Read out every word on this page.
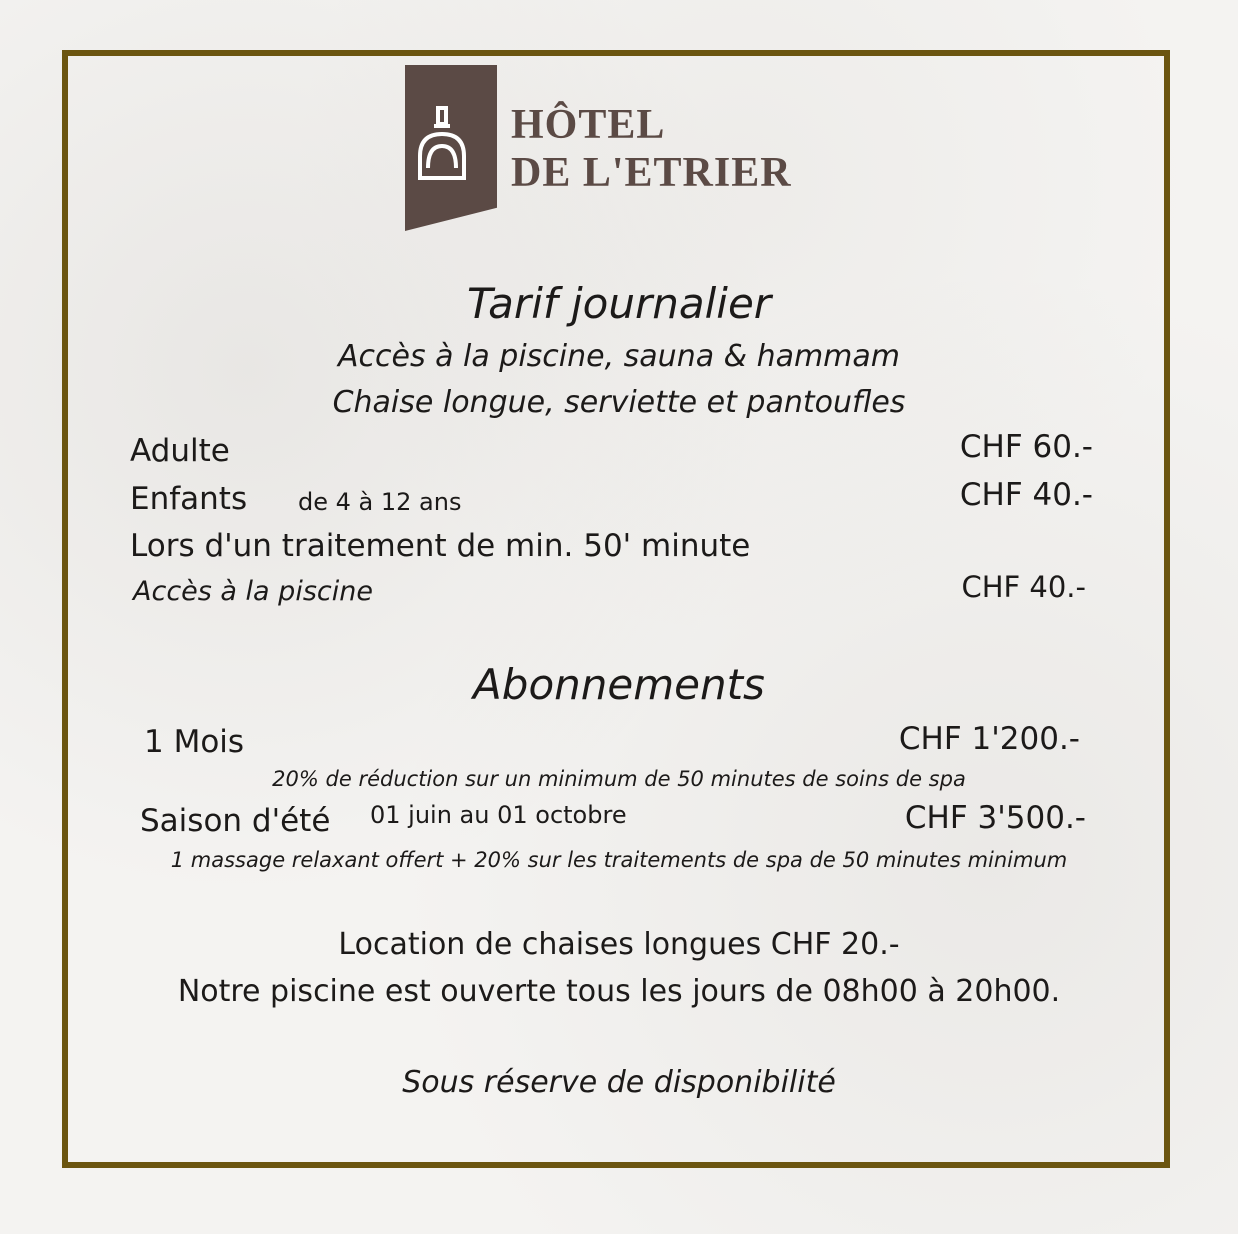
HÔTEL
DE L'ETRIER
Tarif journalier
Accès à la piscine, sauna & hammam
Chaise longue, serviette et pantoufles
Adulte	CHF 60.-
Enfants de 4 à 12 ans	CHF 40.-
Lors d'un traitement de min. 50' minute
Accès à la piscine	CHF 40.-
Abonnements
1 Mois	CHF 1'200.-
20% de réduction sur un minimum de 50 minutes de soins de spa
Saison d'été 01 juin au 01 octobre	CHF 3'500.-
1 massage relaxant offert + 20% sur les traitements de spa de 50 minutes minimum
Location de chaises longues CHF 20.-
Notre piscine est ouverte tous les jours de 08h00 à 20h00.
Sous réserve de disponibilité
